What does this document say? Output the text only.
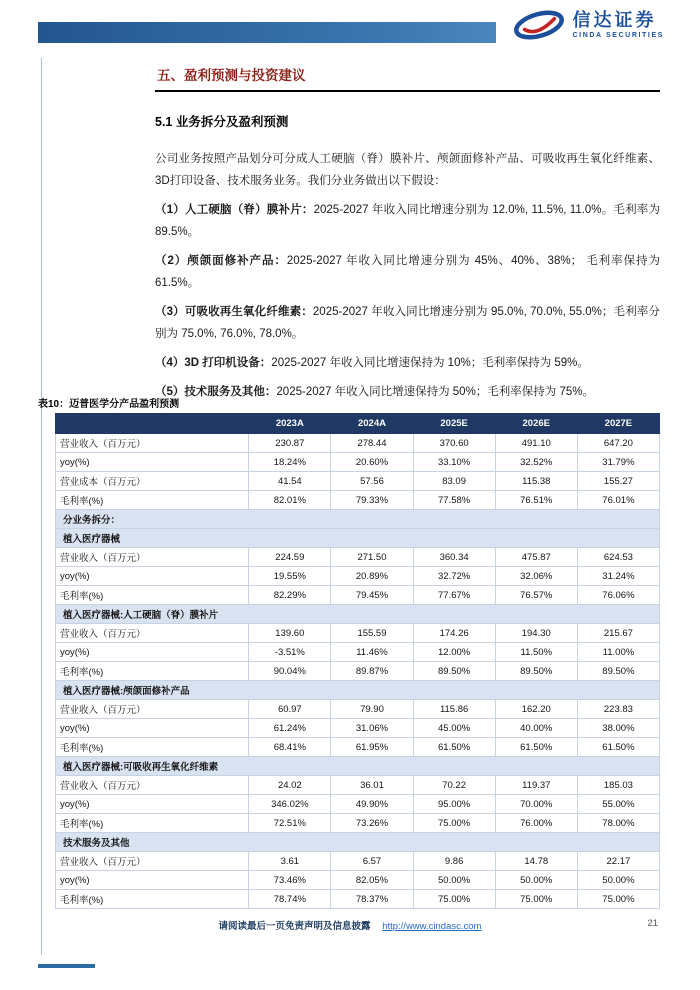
信达证券
CINDA SECURITIES
五、盈利预测与投资建议
5.1 业务拆分及盈利预测

公司业务按照产品划分可分成人工硬脑（脊）膜补片、颅颌面修补产品、可吸收再生氧化纤维素、3D打印设备、技术服务业务。我们分业务做出以下假设：

（1）人工硬脑（脊）膜补片：2025-2027 年收入同比增速分别为 12.0%, 11.5%, 11.0%。毛利率为 89.5%。

（2）颅颌面修补产品：2025-2027 年收入同比增速分别为 45%、40%、38%； 毛利率保持为 61.5%。

（3）可吸收再生氧化纤维素：2025-2027 年收入同比增速分别为 95.0%, 70.0%, 55.0%；毛利率分别为 75.0%, 76.0%, 78.0%。

（4）3D 打印机设备：2025-2027 年收入同比增速保持为 10%；毛利率保持为 59%。

（5）技术服务及其他：2025-2027 年收入同比增速保持为 50%；毛利率保持为 75%。

表10：迈普医学分产品盈利预测
	2023A	2024A	2025E	2026E	2027E
营业收入（百万元）	230.87	278.44	370.60	491.10	647.20
yoy(%)	18.24%	20.60%	33.10%	32.52%	31.79%
营业成本（百万元）	41.54	57.56	83.09	115.38	155.27
毛利率(%)	82.01%	79.33%	77.58%	76.51%	76.01%
分业务拆分：					
植入医疗器械					
营业收入（百万元）	224.59	271.50	360.34	475.87	624.53
yoy(%)	19.55%	20.89%	32.72%	32.06%	31.24%
毛利率(%)	82.29%	79.45%	77.67%	76.57%	76.06%
植入医疗器械:人工硬脑（脊）膜补片					
营业收入（百万元）	139.60	155.59	174.26	194.30	215.67
yoy(%)	-3.51%	11.46%	12.00%	11.50%	11.00%
毛利率(%)	90.04%	89.87%	89.50%	89.50%	89.50%
植入医疗器械:颅颌面修补产品					
营业收入（百万元）	60.97	79.90	115.86	162.20	223.83
yoy(%)	61.24%	31.06%	45.00%	40.00%	38.00%
毛利率(%)	68.41%	61.95%	61.50%	61.50%	61.50%
植入医疗器械:可吸收再生氧化纤维素					
营业收入（百万元）	24.02	36.01	70.22	119.37	185.03
yoy(%)	346.02%	49.90%	95.00%	70.00%	55.00%
毛利率(%)	72.51%	73.26%	75.00%	76.00%	78.00%
技术服务及其他					
营业收入（百万元）	3.61	6.57	9.86	14.78	22.17
yoy(%)	73.46%	82.05%	50.00%	50.00%	50.00%
毛利率(%)	78.74%	78.37%	75.00%	75.00%	75.00%
请阅读最后一页免责声明及信息披露 http://www.cindasc.com	21
